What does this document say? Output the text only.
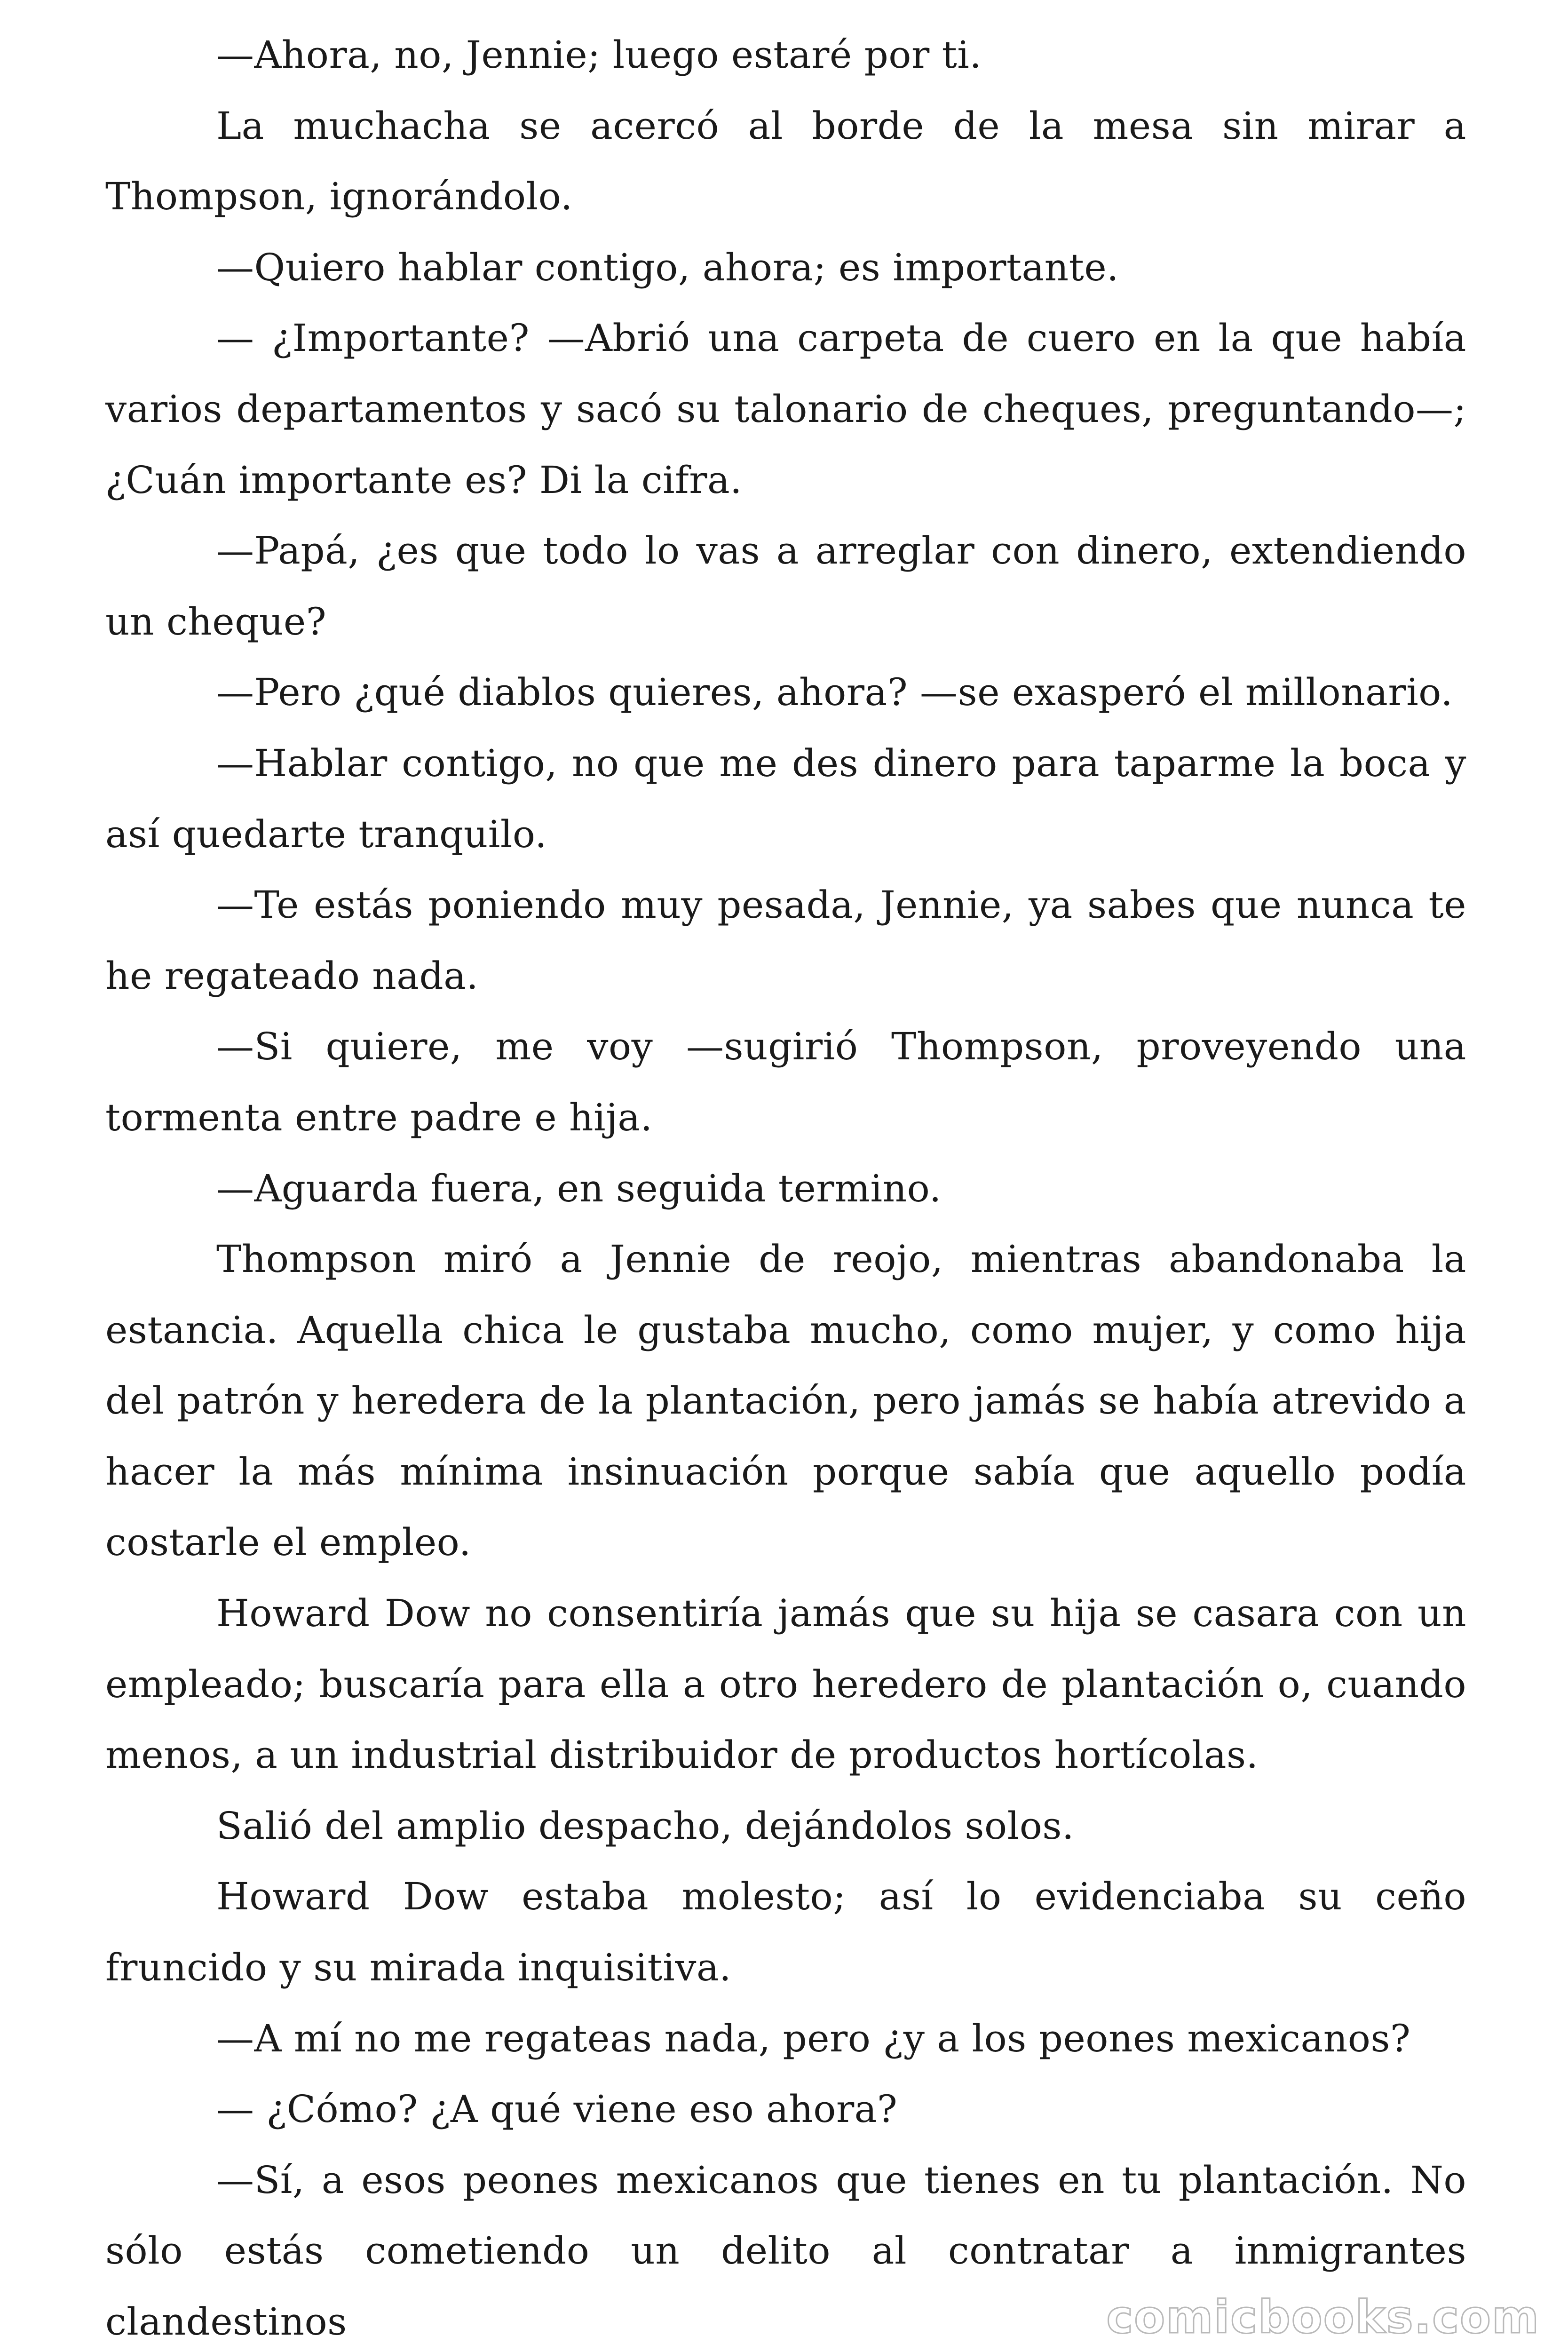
—Ahora, no, Jennie; luego estaré por ti.

La muchacha se acercó al borde de la mesa sin mirar a Thompson, ignorándolo.

—Quiero hablar contigo, ahora; es importante.

— ¿Importante? —Abrió una carpeta de cuero en la que había varios departamentos y sacó su talonario de cheques, preguntando—; ¿Cuán importante es? Di la cifra.

—Papá, ¿es que todo lo vas a arreglar con dinero, extendiendo un cheque?

—Pero ¿qué diablos quieres, ahora? —se exasperó el millonario.

—Hablar contigo, no que me des dinero para taparme la boca y así quedarte tranquilo.

—Te estás poniendo muy pesada, Jennie, ya sabes que nunca te he regateado nada.

—Si quiere, me voy —sugirió Thompson, proveyendo una tormenta entre padre e hija.

—Aguarda fuera, en seguida termino.

Thompson miró a Jennie de reojo, mientras abandonaba la estancia. Aquella chica le gustaba mucho, como mujer, y como hija del patrón y heredera de la plantación, pero jamás se había atrevido a hacer la más mínima insinuación porque sabía que aquello podía costarle el empleo.

Howard Dow no consentiría jamás que su hija se casara con un empleado; buscaría para ella a otro heredero de plantación o, cuando menos, a un industrial distribuidor de productos hortícolas.

Salió del amplio despacho, dejándolos solos.

Howard Dow estaba molesto; así lo evidenciaba su ceño fruncido y su mirada inquisitiva.

—A mí no me regateas nada, pero ¿y a los peones mexicanos?

— ¿Cómo? ¿A qué viene eso ahora?

—Sí, a esos peones mexicanos que tienes en tu plantación. No sólo estás cometiendo un delito al contratar a inmigrantes clandestinos	comicbooks.com
